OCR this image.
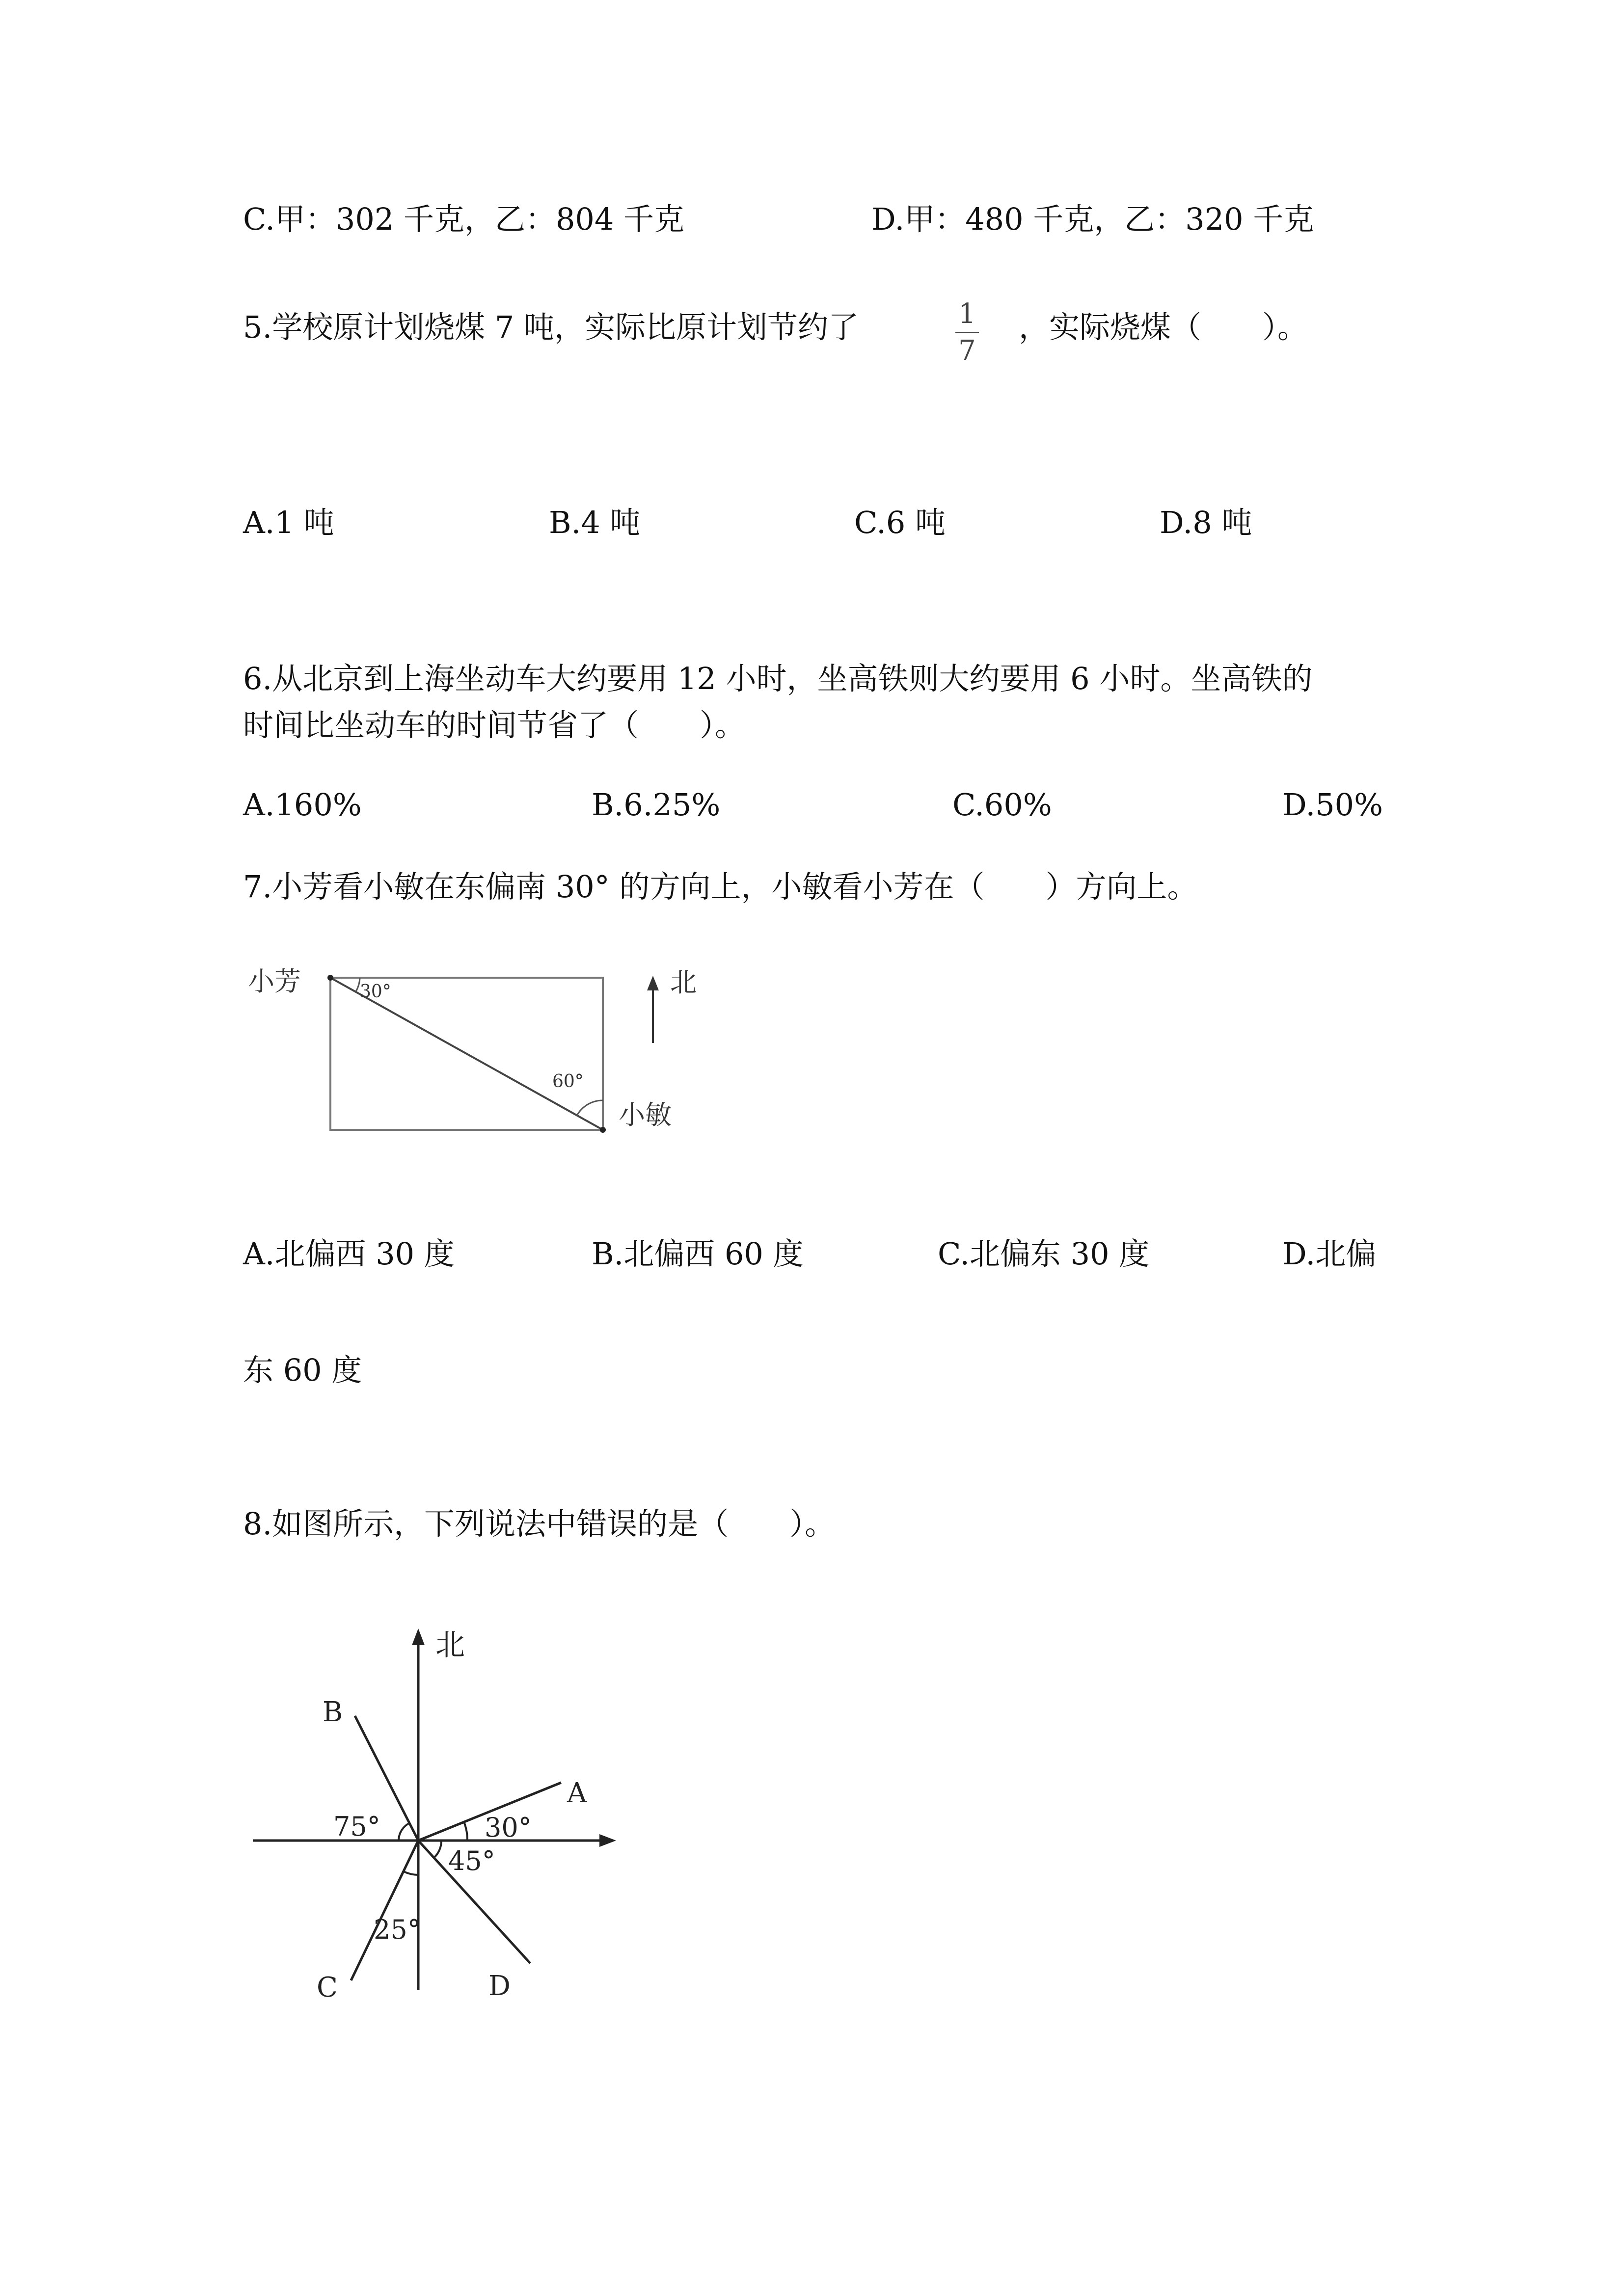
C.甲：302 千克，乙：804 千克	D.甲：480 千克，乙：320 千克
5.学校原计划烧煤 7 吨，实际比原计划节约了	1
7
，实际烧煤（　　）。
A.1 吨	B.4 吨	C.6 吨	D.8 吨
6.从北京到上海坐动车大约要用 12 小时，坐高铁则大约要用 6 小时。坐高铁的
时间比坐动车的时间节省了（　　）。
A.160%	B.6.25%	C.60%	D.50%
7.小芳看小敏在东偏南 30° 的方向上，小敏看小芳在（　　）方向上。
小芳
小敏
30°
60°
北
A.北偏西 30 度	B.北偏西 60 度	C.北偏东 30 度	D.北偏
东 60 度
8.如图所示，下列说法中错误的是（　　）。
北
A
30°
B
75°
C
25°
D
45°
